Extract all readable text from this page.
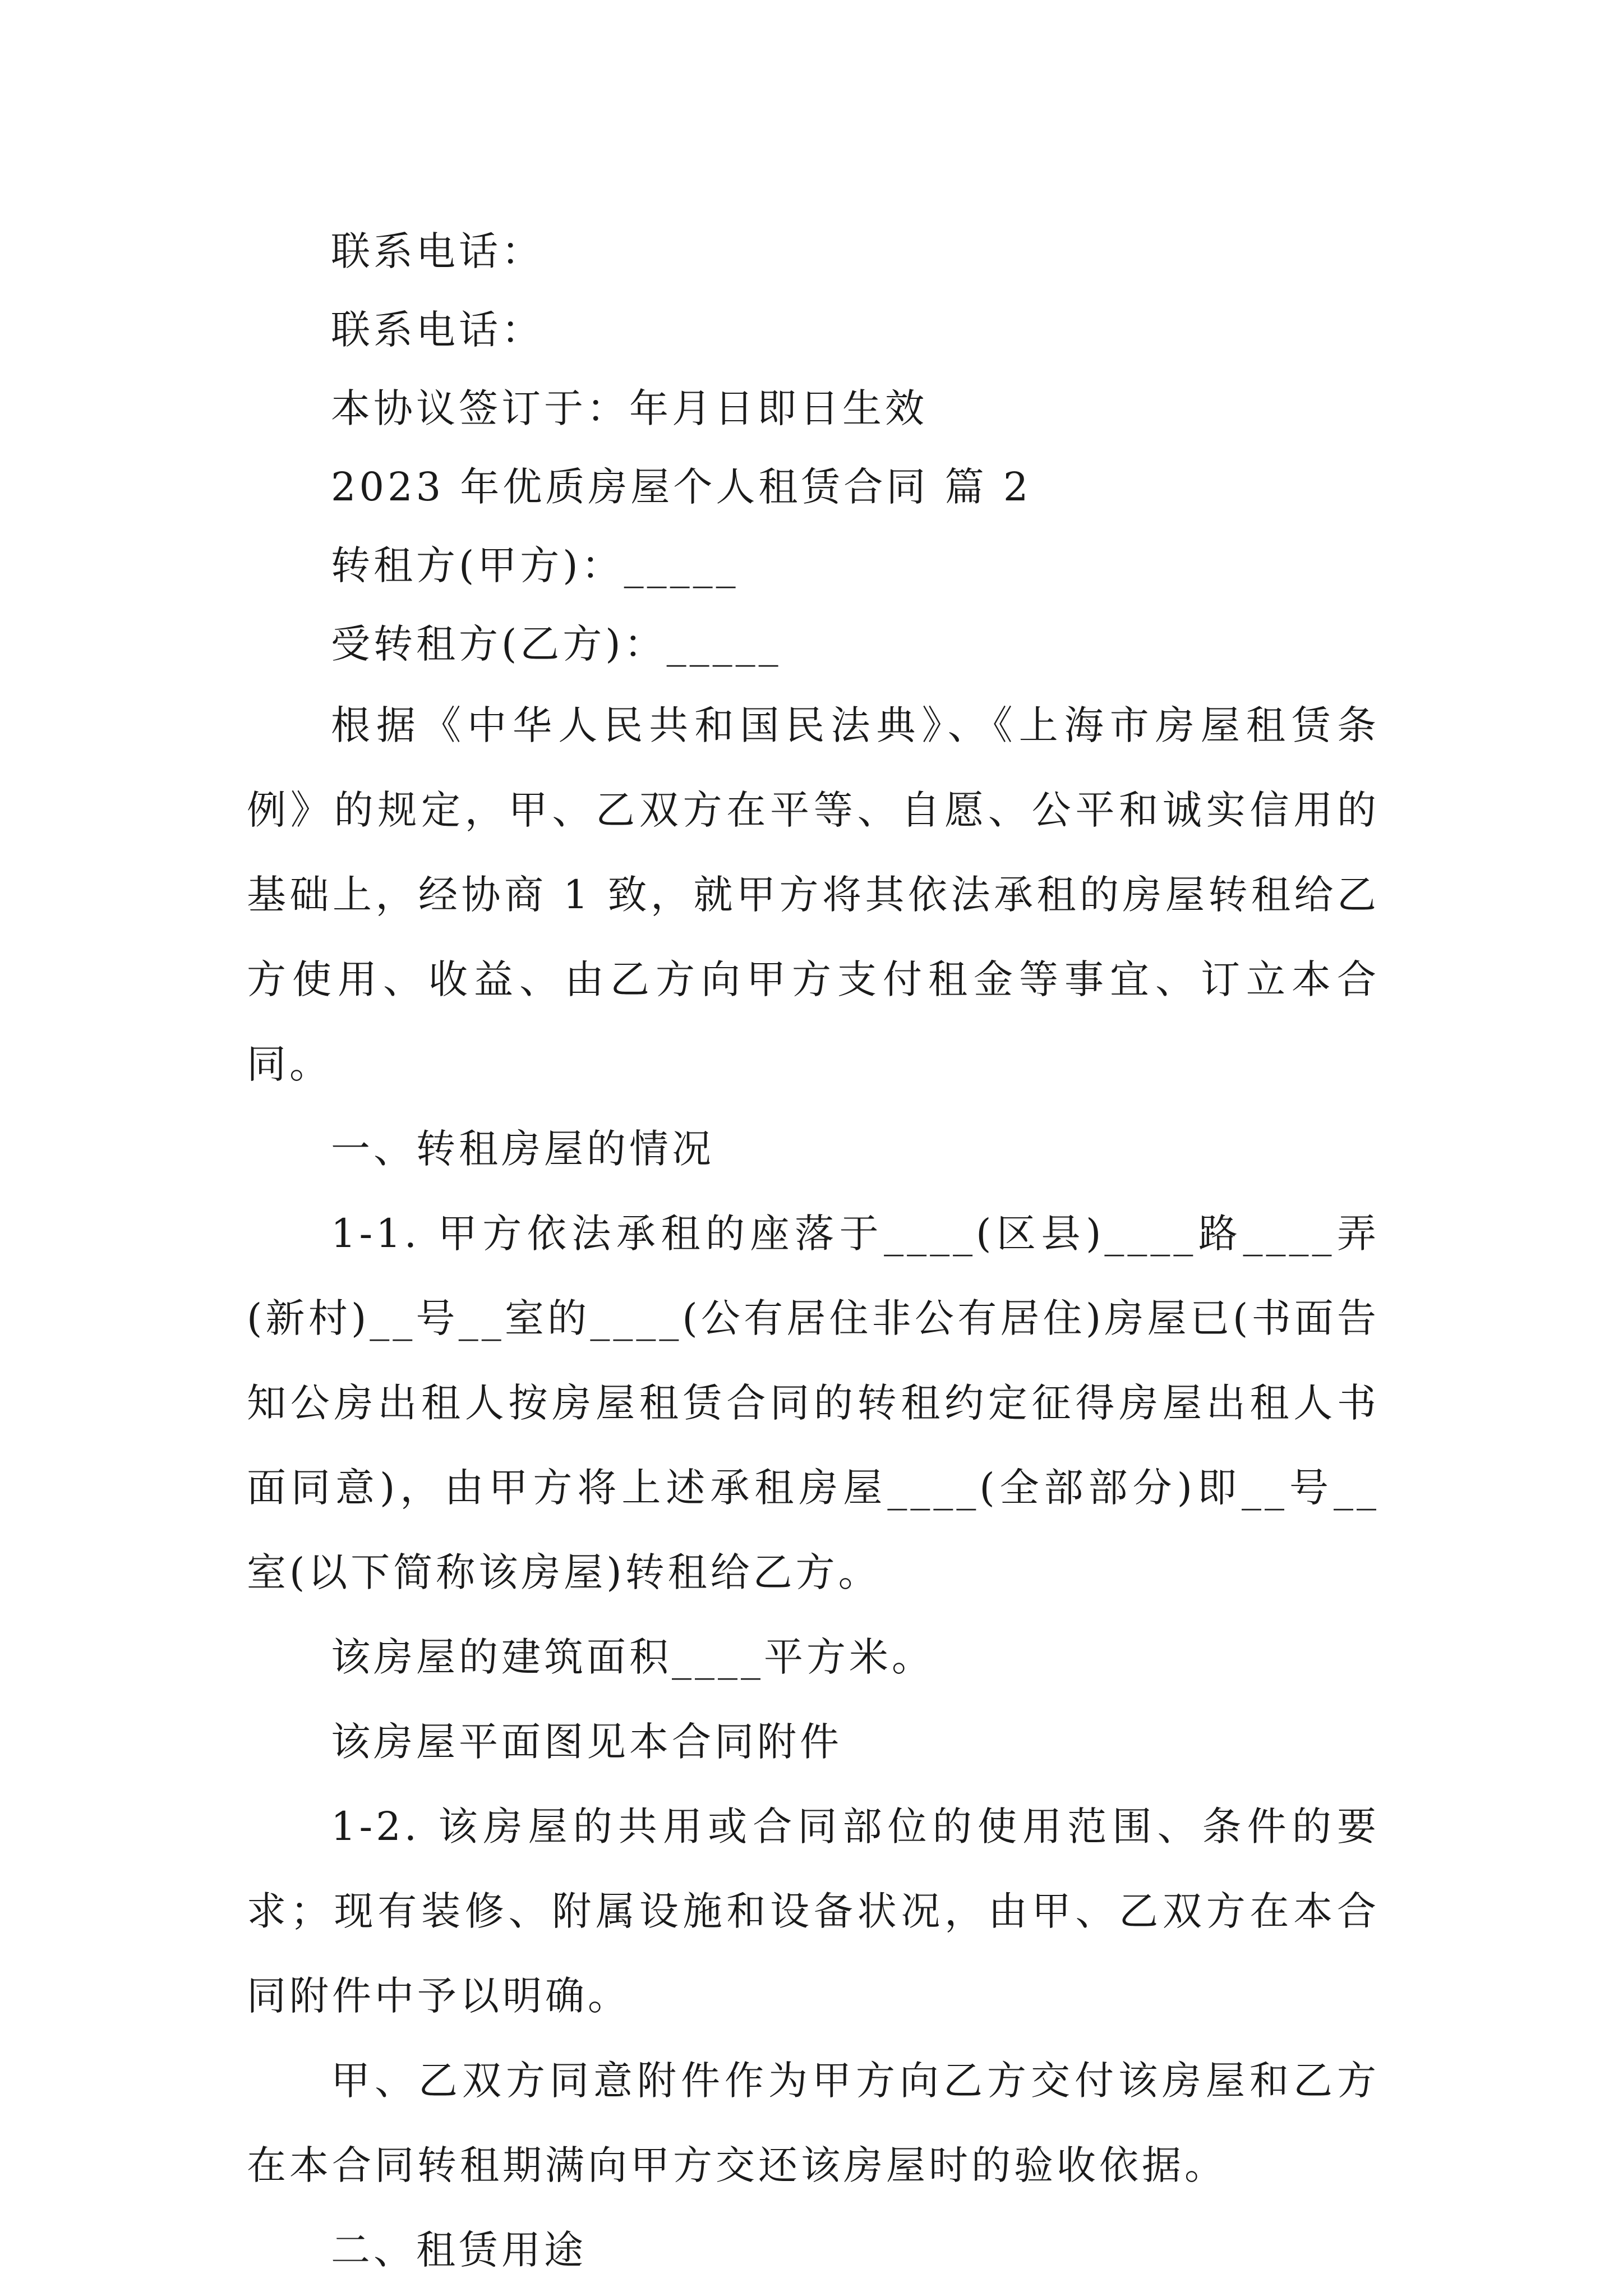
联系电话：

联系电话：

本协议签订于：年月日即日生效

2023 年优质房屋个人租赁合同 篇 2

转租方(甲方)：_____

受转租方(乙方)：_____

根据《中华人民共和国民法典》、《上海市房屋租赁条例》的规定，甲、乙双方在平等、自愿、公平和诚实信用的基础上，经协商 1 致，就甲方将其依法承租的房屋转租给乙方使用、收益、由乙方向甲方支付租金等事宜、订立本合同。

一、转租房屋的情况

1-1. 甲方依法承租的座落于____(区县)____路____弄(新村)__号__室的____(公有居住非公有居住)房屋已(书面告知公房出租人按房屋租赁合同的转租约定征得房屋出租人书面同意)，由甲方将上述承租房屋____(全部部分)即__号__室(以下简称该房屋)转租给乙方。

该房屋的建筑面积____平方米。

该房屋平面图见本合同附件

1-2. 该房屋的共用或合同部位的使用范围、条件的要求；现有装修、附属设施和设备状况，由甲、乙双方在本合同附件中予以明确。

甲、乙双方同意附件作为甲方向乙方交付该房屋和乙方在本合同转租期满向甲方交还该房屋时的验收依据。

二、租赁用途
